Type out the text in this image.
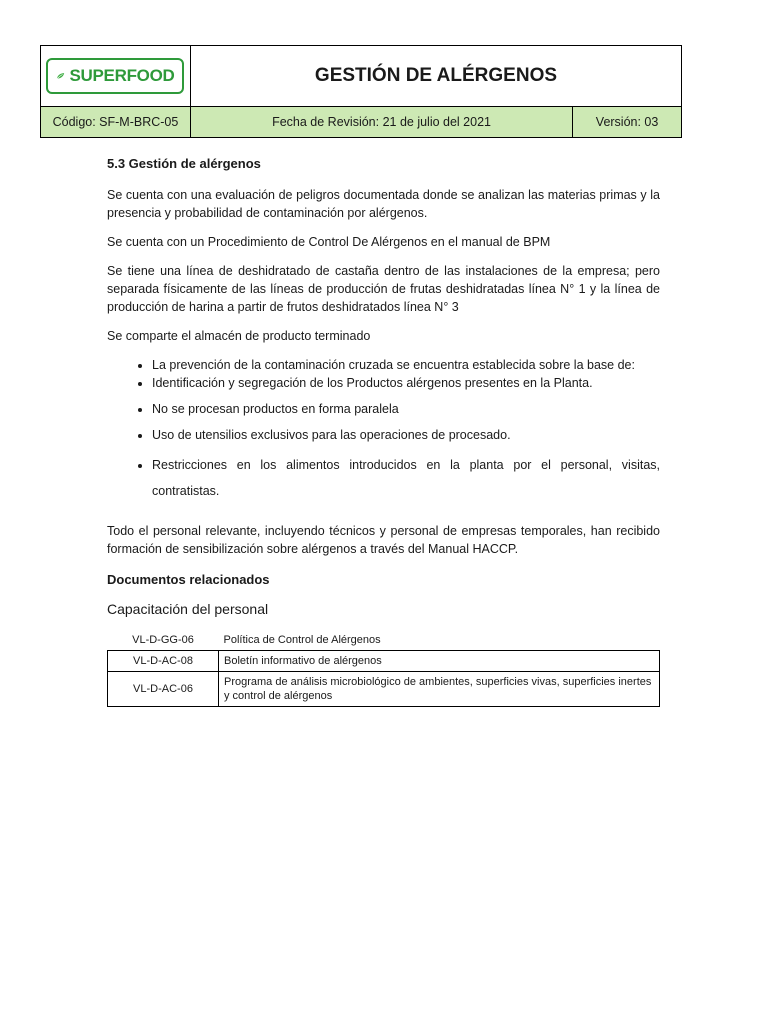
SUPERFOOD	GESTIÓN DE ALÉRGENOS	
Código: SF-M-BRC-05	Fecha de Revisión: 21 de julio del 2021	Versión: 03

5.3 Gestión de alérgenos

Se cuenta con una evaluación de peligros documentada donde se analizan las materias primas y la presencia y probabilidad de contaminación por alérgenos.

Se cuenta con un Procedimiento de Control De Alérgenos en el manual de BPM

Se tiene una línea de deshidratado de castaña dentro de las instalaciones de la empresa; pero separada físicamente de las líneas de producción de frutas deshidratadas línea N° 1 y la línea de producción de harina a partir de frutos deshidratados línea N° 3

Se comparte el almacén de producto terminado

• La prevención de la contaminación cruzada se encuentra establecida sobre la base de:
• Identificación y segregación de los Productos alérgenos presentes en la Planta.
• No se procesan productos en forma paralela
• Uso de utensilios exclusivos para las operaciones de procesado.
• Restricciones en los alimentos introducidos en la planta por el personal, visitas, contratistas.

Todo el personal relevante, incluyendo técnicos y personal de empresas temporales, han recibido formación de sensibilización sobre alérgenos a través del Manual HACCP.

Documentos relacionados

Capacitación del personal

VL-D-GG-06	Política de Control de Alérgenos
VL-D-AC-08	Boletín informativo de alérgenos
VL-D-AC-06	Programa de análisis microbiológico de ambientes, superficies vivas, superficies inertes y control de alérgenos
